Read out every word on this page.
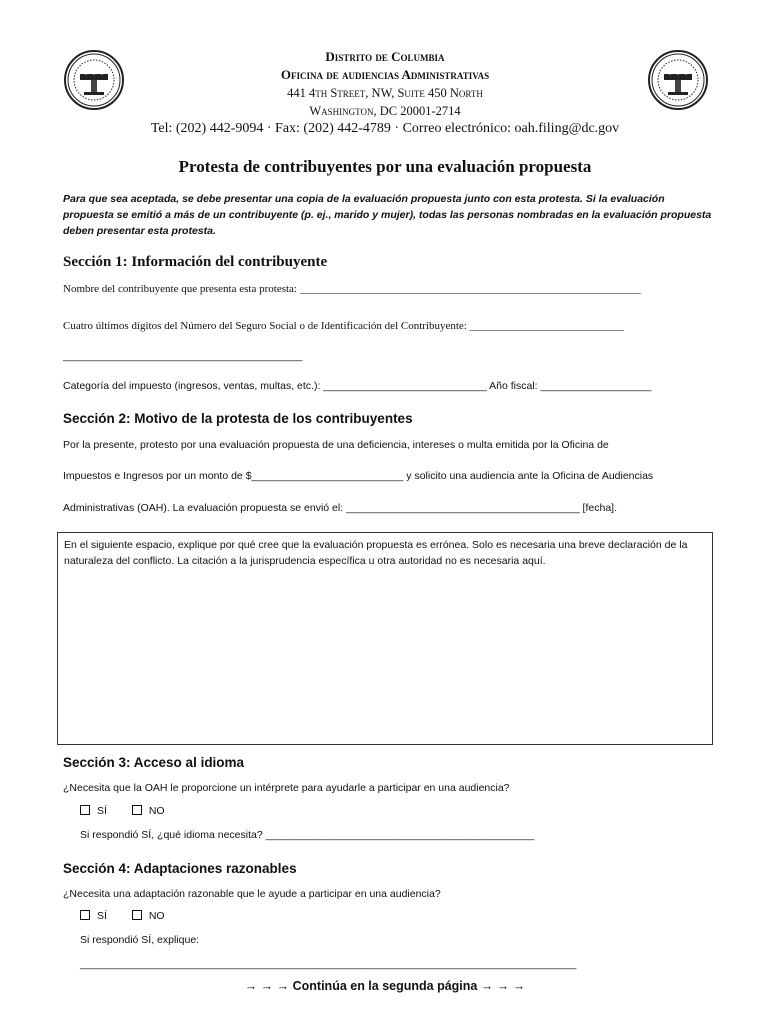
Distrito de Columbia
Oficina de audiencias Administrativas
441 4th Street, NW, Suite 450 North
Washington, DC 20001-2714
Tel: (202) 442-9094 · Fax: (202) 442-4789 · Correo electrónico: oah.filing@dc.gov
Protesta de contribuyentes por una evaluación propuesta
Para que sea aceptada, se debe presentar una copia de la evaluación propuesta junto con esta protesta. Si la evaluación propuesta se emitió a más de un contribuyente (p. ej., marido y mujer), todas las personas nombradas en la evaluación propuesta deben presentar esta protesta.
Sección 1: Información del contribuyente
Nombre del contribuyente que presenta esta protesta: ______________________________________________________________
Cuatro últimos dígitos del Número del Seguro Social o de Identificación del Contribuyente: ____________________________
_________________________________________
Categoría del impuesto (ingresos, ventas, multas, etc.): ____________________________ Año fiscal: ___________________
Sección 2: Motivo de la protesta de los contribuyentes
Por la presente, protesto por una evaluación propuesta de una deficiencia, intereses o multa emitida por la Oficina de
Impuestos e Ingresos por un monto de $__________________________ y solicito una audiencia ante la Oficina de Audiencias
Administrativas (OAH). La evaluación propuesta se envió el: ________________________________________ [fecha].
En el siguiente espacio, explique por qué cree que la evaluación propuesta es errónea. Solo es necesaria una breve declaración de la naturaleza del conflicto. La citación a la jurisprudencia específica u otra autoridad no es necesaria aquí.
Sección 3: Acceso al idioma
¿Necesita que la OAH le proporcione un intérprete para ayudarle a participar en una audiencia?
SÍ	NO
Si respondió SÍ, ¿qué idioma necesita? ______________________________________________
Sección 4: Adaptaciones razonables
¿Necesita una adaptación razonable que le ayude a participar en una audiencia?
SÍ	NO
Si respondió SÍ, explique:
_____________________________________________________________________________________
→ → → Continúa en la segunda página → → →
